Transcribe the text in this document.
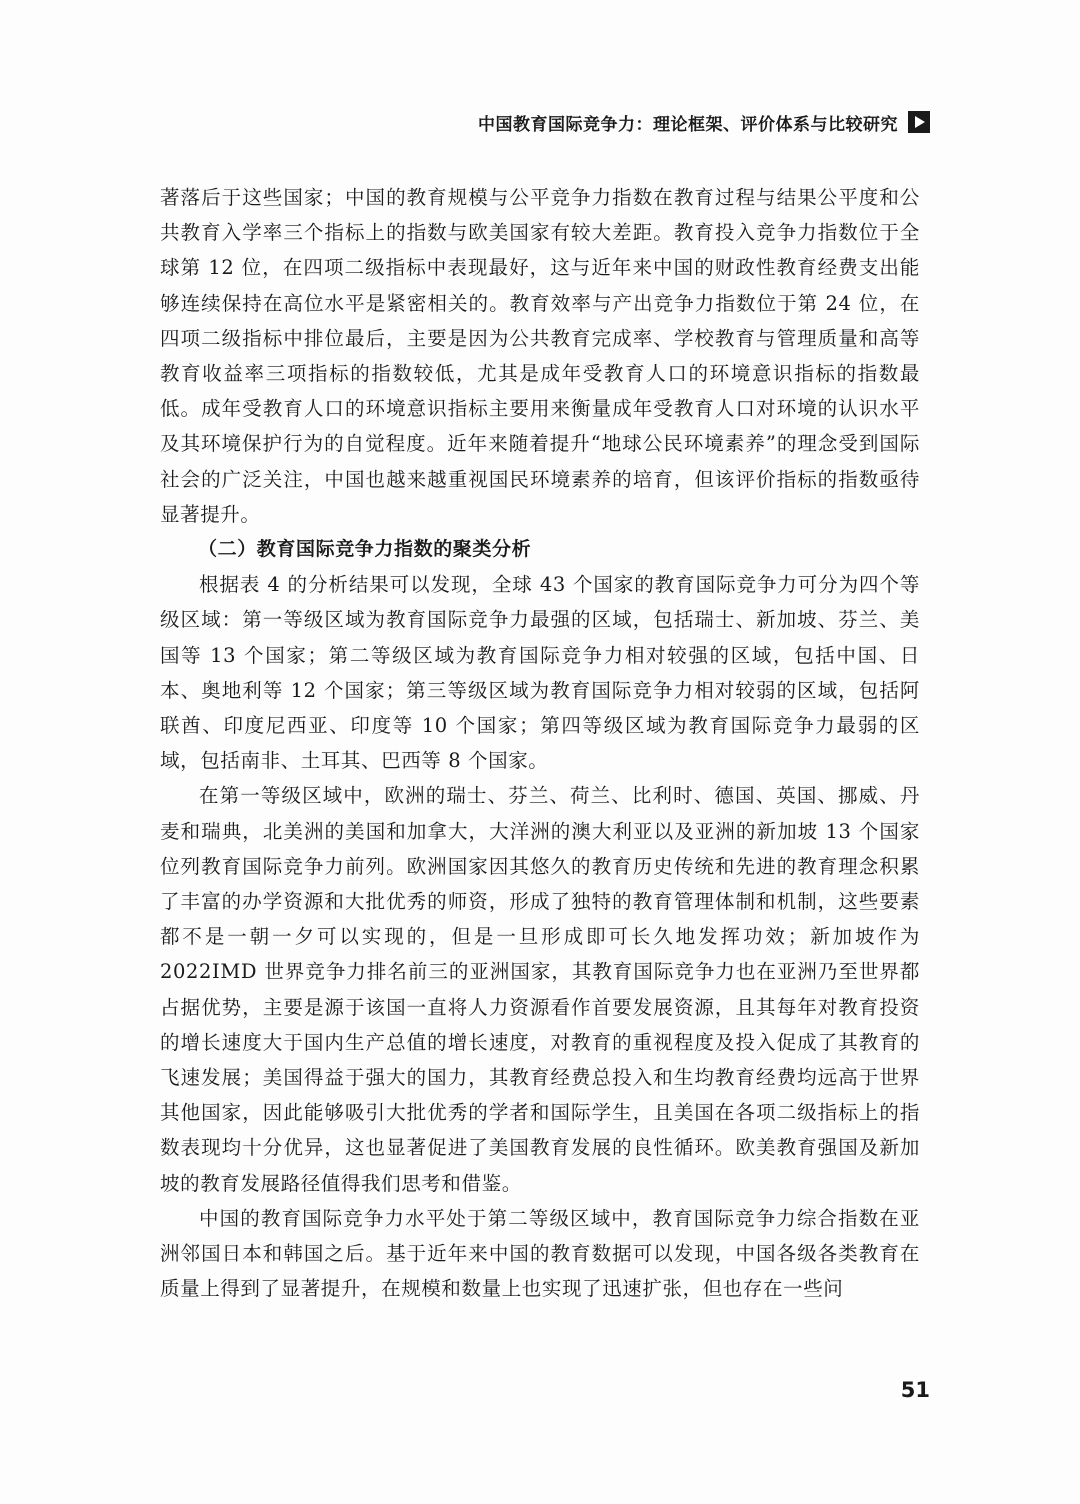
中国教育国际竞争力：理论框架、评价体系与比较研究

著落后于这些国家；中国的教育规模与公平竞争力指数在教育过程与结果公平度和公共教育入学率三个指标上的指数与欧美国家有较大差距。教育投入竞争力指数位于全球第 12 位，在四项二级指标中表现最好，这与近年来中国的财政性教育经费支出能够连续保持在高位水平是紧密相关的。教育效率与产出竞争力指数位于第 24 位，在四项二级指标中排位最后，主要是因为公共教育完成率、学校教育与管理质量和高等教育收益率三项指标的指数较低，尤其是成年受教育人口的环境意识指标的指数最低。成年受教育人口的环境意识指标主要用来衡量成年受教育人口对环境的认识水平及其环境保护行为的自觉程度。近年来随着提升“地球公民环境素养”的理念受到国际社会的广泛关注，中国也越来越重视国民环境素养的培育，但该评价指标的指数亟待显著提升。

（二）教育国际竞争力指数的聚类分析

根据表 4 的分析结果可以发现，全球 43 个国家的教育国际竞争力可分为四个等级区域：第一等级区域为教育国际竞争力最强的区域，包括瑞士、新加坡、芬兰、美国等 13 个国家；第二等级区域为教育国际竞争力相对较强的区域，包括中国、日本、奥地利等 12 个国家；第三等级区域为教育国际竞争力相对较弱的区域，包括阿联酋、印度尼西亚、印度等 10 个国家；第四等级区域为教育国际竞争力最弱的区域，包括南非、土耳其、巴西等 8 个国家。

在第一等级区域中，欧洲的瑞士、芬兰、荷兰、比利时、德国、英国、挪威、丹麦和瑞典，北美洲的美国和加拿大，大洋洲的澳大利亚以及亚洲的新加坡 13 个国家位列教育国际竞争力前列。欧洲国家因其悠久的教育历史传统和先进的教育理念积累了丰富的办学资源和大批优秀的师资，形成了独特的教育管理体制和机制，这些要素都不是一朝一夕可以实现的，但是一旦形成即可长久地发挥功效；新加坡作为 2022IMD 世界竞争力排名前三的亚洲国家，其教育国际竞争力也在亚洲乃至世界都占据优势，主要是源于该国一直将人力资源看作首要发展资源，且其每年对教育投资的增长速度大于国内生产总值的增长速度，对教育的重视程度及投入促成了其教育的飞速发展；美国得益于强大的国力，其教育经费总投入和生均教育经费均远高于世界其他国家，因此能够吸引大批优秀的学者和国际学生，且美国在各项二级指标上的指数表现均十分优异，这也显著促进了美国教育发展的良性循环。欧美教育强国及新加坡的教育发展路径值得我们思考和借鉴。

中国的教育国际竞争力水平处于第二等级区域中，教育国际竞争力综合指数在亚洲邻国日本和韩国之后。基于近年来中国的教育数据可以发现，中国各级各类教育在质量上得到了显著提升，在规模和数量上也实现了迅速扩张，但也存在一些问

51
